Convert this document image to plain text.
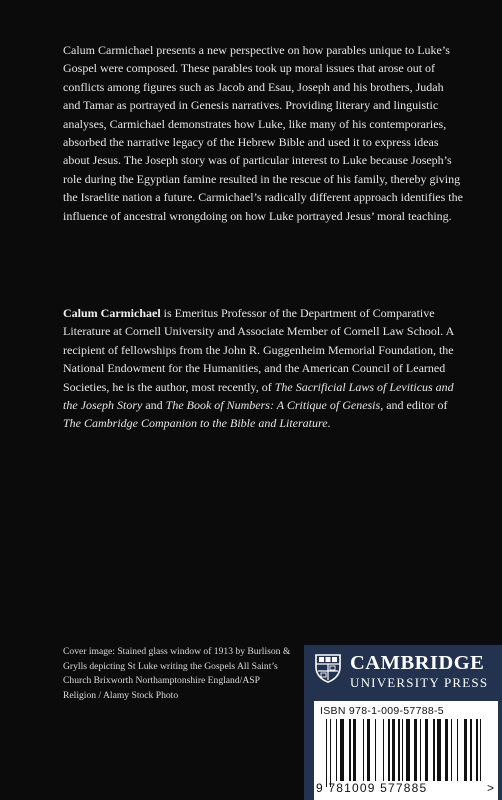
Calum Carmichael presents a new perspective on how parables unique to Luke’s Gospel were composed. These parables took up moral issues that arose out of conflicts among figures such as Jacob and Esau, Joseph and his brothers, Judah and Tamar as portrayed in Genesis narratives. Providing literary and linguistic analyses, Carmichael demonstrates how Luke, like many of his contemporaries, absorbed the narrative legacy of the Hebrew Bible and used it to express ideas about Jesus. The Joseph story was of particular interest to Luke because Joseph’s role during the Egyptian famine resulted in the rescue of his family, thereby giving the Israelite nation a future. Carmichael’s radically different approach identifies the influence of ancestral wrongdoing on how Luke portrayed Jesus’ moral teaching.

Calum Carmichael is Emeritus Professor of the Department of Comparative Literature at Cornell University and Associate Member of Cornell Law School. A recipient of fellowships from the John R. Guggenheim Memorial Foundation, the National Endowment for the Humanities, and the American Council of Learned Societies, he is the author, most recently, of The Sacrificial Laws of Leviticus and the Joseph Story and The Book of Numbers: A Critique of Genesis, and editor of The Cambridge Companion to the Bible and Literature.

Cover image: Stained glass window of 1913 by Burlison & Grylls depicting St Luke writing the Gospels All Saint’s Church Brixworth Northamptonshire England/ASP Religion / Alamy Stock Photo

CAMBRIDGE
UNIVERSITY PRESS
ISBN 978-1-009-57788-5
9 781009 577885	>
